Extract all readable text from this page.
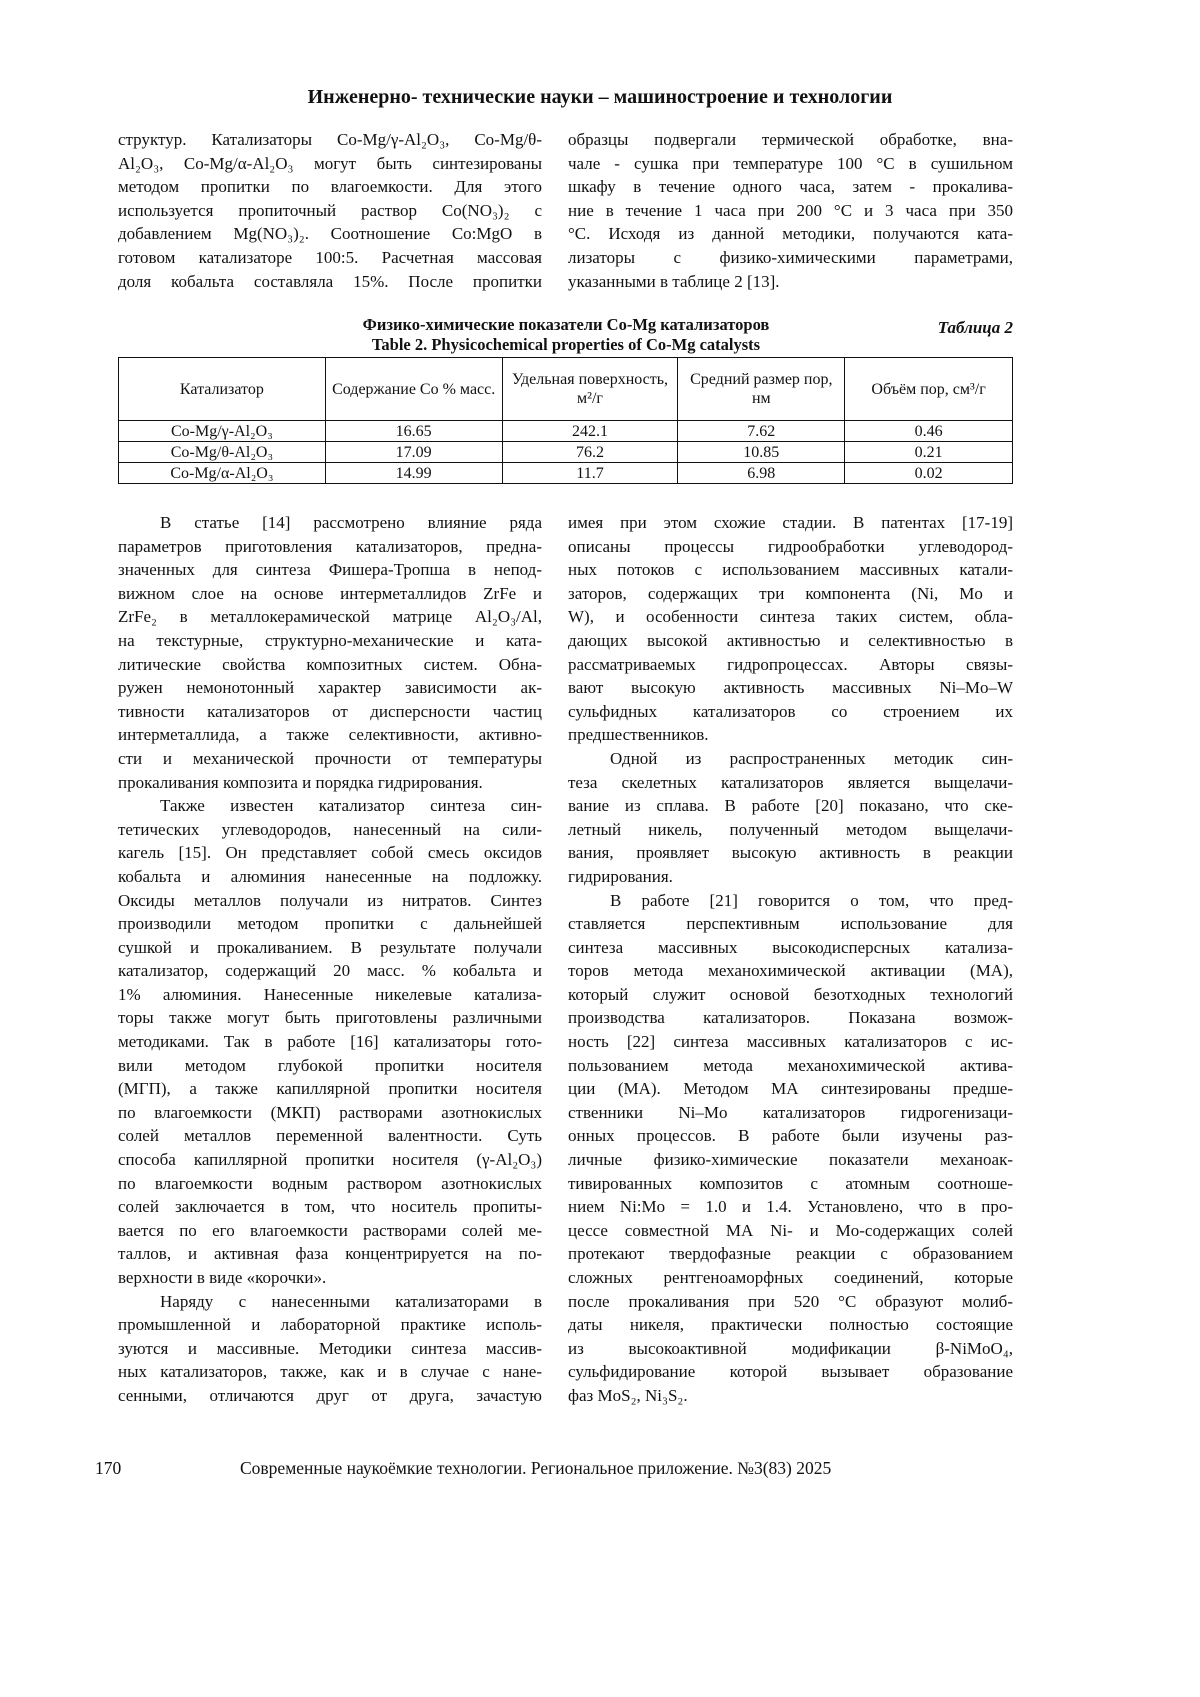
Инженерно- технические науки – машиностроение и технологии
структур. Катализаторы Co-Mg/γ-Al₂O₃, Co-Mg/θ-
Al₂O₃, Co-Mg/α-Al₂O₃ могут быть синтезированы
методом пропитки по влагоемкости. Для этого
используется пропиточный раствор Co(NO₃)₂ с
добавлением Mg(NO₃)₂. Соотношение Co:MgO в
готовом катализаторе 100:5. Расчетная массовая
доля кобальта составляла 15%. После пропитки
образцы подвергали термической обработке, вна-
чале - сушка при температуре 100 °C в сушильном
шкафу в течение одного часа, затем - прокалива-
ние в течение 1 часа при 200 °C и 3 часа при 350
°C. Исходя из данной методики, получаются ката-
лизаторы с физико-химическими параметрами,
указанными в таблице 2 [13].
Таблица 2
Физико-химические показатели Co-Mg катализаторов
Table 2. Physicochemical properties of Co-Mg catalysts
Катализатор	Содержание Co % масс.	Удельная поверхность, м²/г	Средний размер пор, нм	Объём пор, см³/г
Co-Mg/γ-Al₂O₃	16.65	242.1	7.62	0.46
Co-Mg/θ-Al₂O₃	17.09	76.2	10.85	0.21
Co-Mg/α-Al₂O₃	14.99	11.7	6.98	0.02
В статье [14] рассмотрено влияние ряда
параметров приготовления катализаторов, предна-
значенных для синтеза Фишера-Тропша в непод-
вижном слое на основе интерметаллидов ZrFe и
ZrFe₂ в металлокерамической матрице Al₂O₃/Al,
на текстурные, структурно-механические и ката-
литические свойства композитных систем. Обна-
ружен немонотонный характер зависимости ак-
тивности катализаторов от дисперсности частиц
интерметаллида, а также селективности, активно-
сти и механической прочности от температуры
прокаливания композита и порядка гидрирования.
Также известен катализатор синтеза син-
тетических углеводородов, нанесенный на сили-
кагель [15]. Он представляет собой смесь оксидов
кобальта и алюминия нанесенные на подложку.
Оксиды металлов получали из нитратов. Синтез
производили методом пропитки с дальнейшей
сушкой и прокаливанием. В результате получали
катализатор, содержащий 20 масс. % кобальта и
1% алюминия. Нанесенные никелевые катализа-
торы также могут быть приготовлены различными
методиками. Так в работе [16] катализаторы гото-
вили методом глубокой пропитки носителя
(МГП), а также капиллярной пропитки носителя
по влагоемкости (МКП) растворами азотнокислых
солей металлов переменной валентности. Суть
способа капиллярной пропитки носителя (γ-Al₂O₃)
по влагоемкости водным раствором азотнокислых
солей заключается в том, что носитель пропиты-
вается по его влагоемкости растворами солей ме-
таллов, и активная фаза концентрируется на по-
верхности в виде «корочки».
Наряду с нанесенными катализаторами в
промышленной и лабораторной практике исполь-
зуются и массивные. Методики синтеза массив-
ных катализаторов, также, как и в случае с нане-
сенными, отличаются друг от друга, зачастую
имея при этом схожие стадии. В патентах [17-19]
описаны процессы гидрообработки углеводород-
ных потоков с использованием массивных катали-
заторов, содержащих три компонента (Ni, Mo и
W), и особенности синтеза таких систем, обла-
дающих высокой активностью и селективностью в
рассматриваемых гидропроцессах. Авторы связы-
вают высокую активность массивных Ni–Mo–W
сульфидных катализаторов со строением их
предшественников.
Одной из распространенных методик син-
теза скелетных катализаторов является выщелачи-
вание из сплава. В работе [20] показано, что ске-
летный никель, полученный методом выщелачи-
вания, проявляет высокую активность в реакции
гидрирования.
В работе [21] говорится о том, что пред-
ставляется перспективным использование для
синтеза массивных высокодисперсных катализа-
торов метода механохимической активации (МА),
который служит основой безотходных технологий
производства катализаторов. Показана возмож-
ность [22] синтеза массивных катализаторов с ис-
пользованием метода механохимической актива-
ции (МА). Методом МА синтезированы предше-
ственники Ni–Mo катализаторов гидрогенизаци-
онных процессов. В работе были изучены раз-
личные физико-химические показатели механоак-
тивированных композитов с атомным соотноше-
нием Ni:Mo = 1.0 и 1.4. Установлено, что в про-
цессе совместной МА Ni- и Mo-содержащих солей
протекают твердофазные реакции с образованием
сложных рентгеноаморфных соединений, которые
после прокаливания при 520 °C образуют молиб-
даты никеля, практически полностью состоящие
из высокоактивной модификации β-NiMoO₄,
сульфидирование которой вызывает образование
фаз MoS₂, Ni₃S₂.
170	Современные наукоёмкие технологии. Региональное приложение. №3(83) 2025
